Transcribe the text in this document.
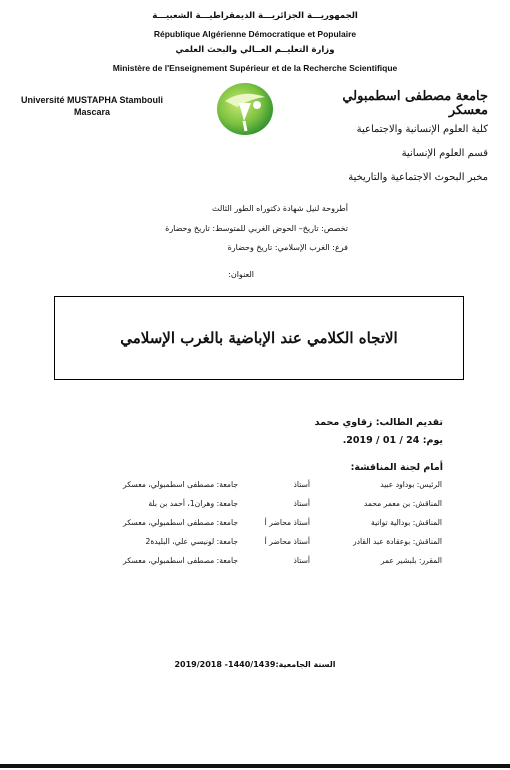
الجمهوريـــة الجزائريـــة الديمقراطيـــة الشعبيـــة
République Algérienne Démocratique et Populaire
وزارة التعليــم العــالي والبحث العلمي
Ministère de l'Enseignement Supérieur et de la Recherche Scientifique
Université MUSTAPHA Stambouli
Mascara
جامعة مصطفى اسطمبولي
معسكر
كلية العلوم الإنسانية والاجتماعية
قسم العلوم الإنسانية
مخبر البحوث الاجتماعية والتاريخية
أطروحة لنيل شهادة دكتوراه الطور الثالث
تخصص: تاريخ– الحوض الغربي للمتوسط: تاريخ وحضارة
فرع: الغرب الإسلامي: تاريخ وحضارة
العنوان:
الاتجاه الكلامي عند الإباضية بالغرب الإسلامي
تقديم الطالب: زقاوي محمد
يوم: 24 / 01 / 2019.
أمام لجنة المناقشة:
الرئيس: بوداود عبيد
أستاذ
جامعة: مصطفى اسطمبولي، معسكر
المناقش: بن معمر محمد
أستاذ
جامعة: وهران1، أحمد بن بلة
المناقش: بودالية تواتية
أستاذ محاضر أ
جامعة: مصطفى اسطمبولي، معسكر
المناقش: بوعقادة عبد القادر
أستاذ محاضر أ
جامعة: لونيسي علي، البليدة2
المقرر: بلبشير عمر
أستاذ
جامعة: مصطفى اسطمبولي، معسكر
السنة الجامعية:1440/1439- 2019/2018
